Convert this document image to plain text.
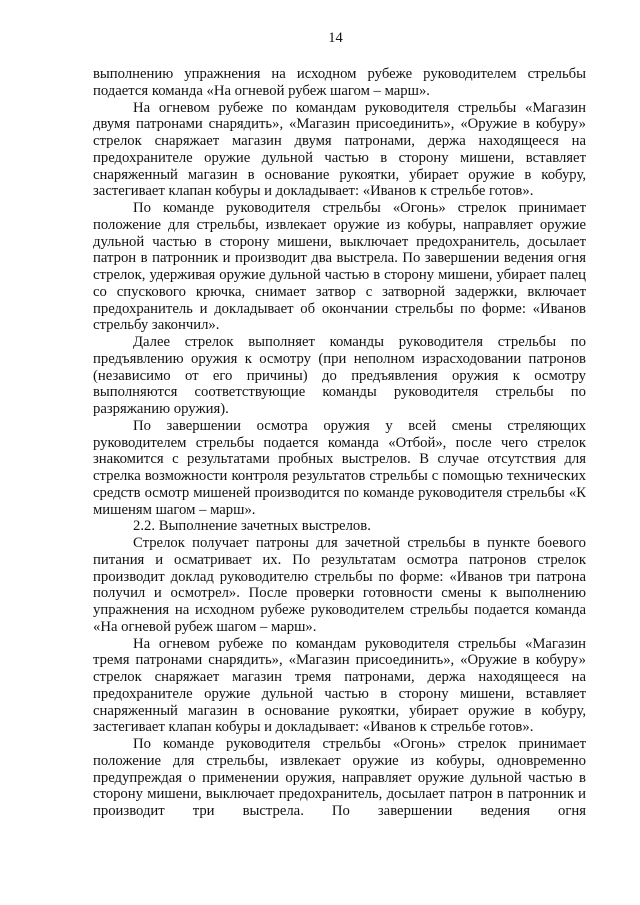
14

выполнению упражнения на исходном рубеже руководителем стрельбы подается команда «На огневой рубеж шагом – марш».

На огневом рубеже по командам руководителя стрельбы «Магазин двумя патронами снарядить», «Магазин присоединить», «Оружие в кобуру» стрелок снаряжает магазин двумя патронами, держа находящееся на предохранителе оружие дульной частью в сторону мишени, вставляет снаряженный магазин в основание рукоятки, убирает оружие в кобуру, застегивает клапан кобуры и докладывает: «Иванов к стрельбе готов».

По команде руководителя стрельбы «Огонь» стрелок принимает положение для стрельбы, извлекает оружие из кобуры, направляет оружие дульной частью в сторону мишени, выключает предохранитель, досылает патрон в патронник и производит два выстрела. По завершении ведения огня стрелок, удерживая оружие дульной частью в сторону мишени, убирает палец со спускового крючка, снимает затвор с затворной задержки, включает предохранитель и докладывает об окончании стрельбы по форме: «Иванов стрельбу закончил».

Далее стрелок выполняет команды руководителя стрельбы по предъявлению оружия к осмотру (при неполном израсходовании патронов (независимо от его причины) до предъявления оружия к осмотру выполняются соответствующие команды руководителя стрельбы по разряжанию оружия).

По завершении осмотра оружия у всей смены стреляющих руководителем стрельбы подается команда «Отбой», после чего стрелок знакомится с результатами пробных выстрелов. В случае отсутствия для стрелка возможности контроля результатов стрельбы с помощью технических средств осмотр мишеней производится по команде руководителя стрельбы «К мишеням шагом – марш».

2.2. Выполнение зачетных выстрелов.

Стрелок получает патроны для зачетной стрельбы в пункте боевого питания и осматривает их. По результатам осмотра патронов стрелок производит доклад руководителю стрельбы по форме: «Иванов три патрона получил и осмотрел». После проверки готовности смены к выполнению упражнения на исходном рубеже руководителем стрельбы подается команда «На огневой рубеж шагом – марш».

На огневом рубеже по командам руководителя стрельбы «Магазин тремя патронами снарядить», «Магазин присоединить», «Оружие в кобуру» стрелок снаряжает магазин тремя патронами, держа находящееся на предохранителе оружие дульной частью в сторону мишени, вставляет снаряженный магазин в основание рукоятки, убирает оружие в кобуру, застегивает клапан кобуры и докладывает: «Иванов к стрельбе готов».

По команде руководителя стрельбы «Огонь» стрелок принимает положение для стрельбы, извлекает оружие из кобуры, одновременно предупреждая о применении оружия, направляет оружие дульной частью в сторону мишени, выключает предохранитель, досылает патрон в патронник и производит три выстрела. По завершении ведения огня
